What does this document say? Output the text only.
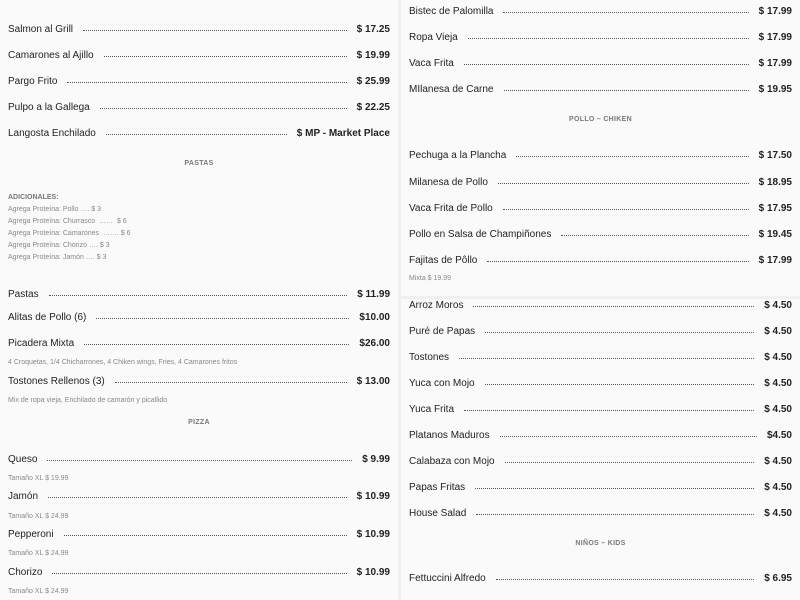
Salmon al Grill	$ 17.25
Camarones al Ajillo	$ 19.99
Pargo Frito	$ 25.99
Pulpo a la Gallega	$ 22.25
Langosta Enchilado	$ MP - Market Place
PASTAS
ADICIONALES:
Agrega Proteína: Pollo …. $ 3
Agrega Proteína: Churrasco  ……  $ 6
Agrega Proteína: Camarones  ……. $ 6
Agrega Proteína: Chorizo …. $ 3
Agrega Proteína: Jamón …. $ 3
Pastas	$ 11.99
Alitas de Pollo (6)	$10.00
Picadera Mixta	$26.00
4 Croquetas, 1/4 Chicharrones, 4 Chiken wings, Fries, 4 Camarones fritos
Tostones Rellenos (3)	$ 13.00
Mix de ropa vieja, Enchilado de camarón y picallido
PIZZA
Queso	$ 9.99
Tamaño XL $ 19.99
Jamón	$ 10.99
Tamaño XL $ 24.99
Pepperoni	$ 10.99
Tamaño XL $ 24.99
Chorizo	$ 10.99
Tamaño XL $ 24.99
Bistec de Palomilla	$ 17.99
Ropa Vieja	$ 17.99
Vaca Frita	$ 17.99
MIlanesa de Carne	$ 19.95
POLLO – CHIKEN
Pechuga a la Plancha	$ 17.50
Milanesa de Pollo	$ 18.95
Vaca Frita de Pollo	$ 17.95
Pollo en Salsa de Champiñones	$ 19.45
Fajitas de Pôllo	$ 17.99
Mixta $ 19.99
Arroz Moros	$ 4.50
Puré de Papas	$ 4.50
Tostones	$ 4.50
Yuca con Mojo	$ 4.50
Yuca Frita	$ 4.50
Platanos Maduros	$4.50
Calabaza con Mojo	$ 4.50
Papas Fritas	$ 4.50
House Salad	$ 4.50
NIÑOS – KIDS
Fettuccini Alfredo	$ 6.95
